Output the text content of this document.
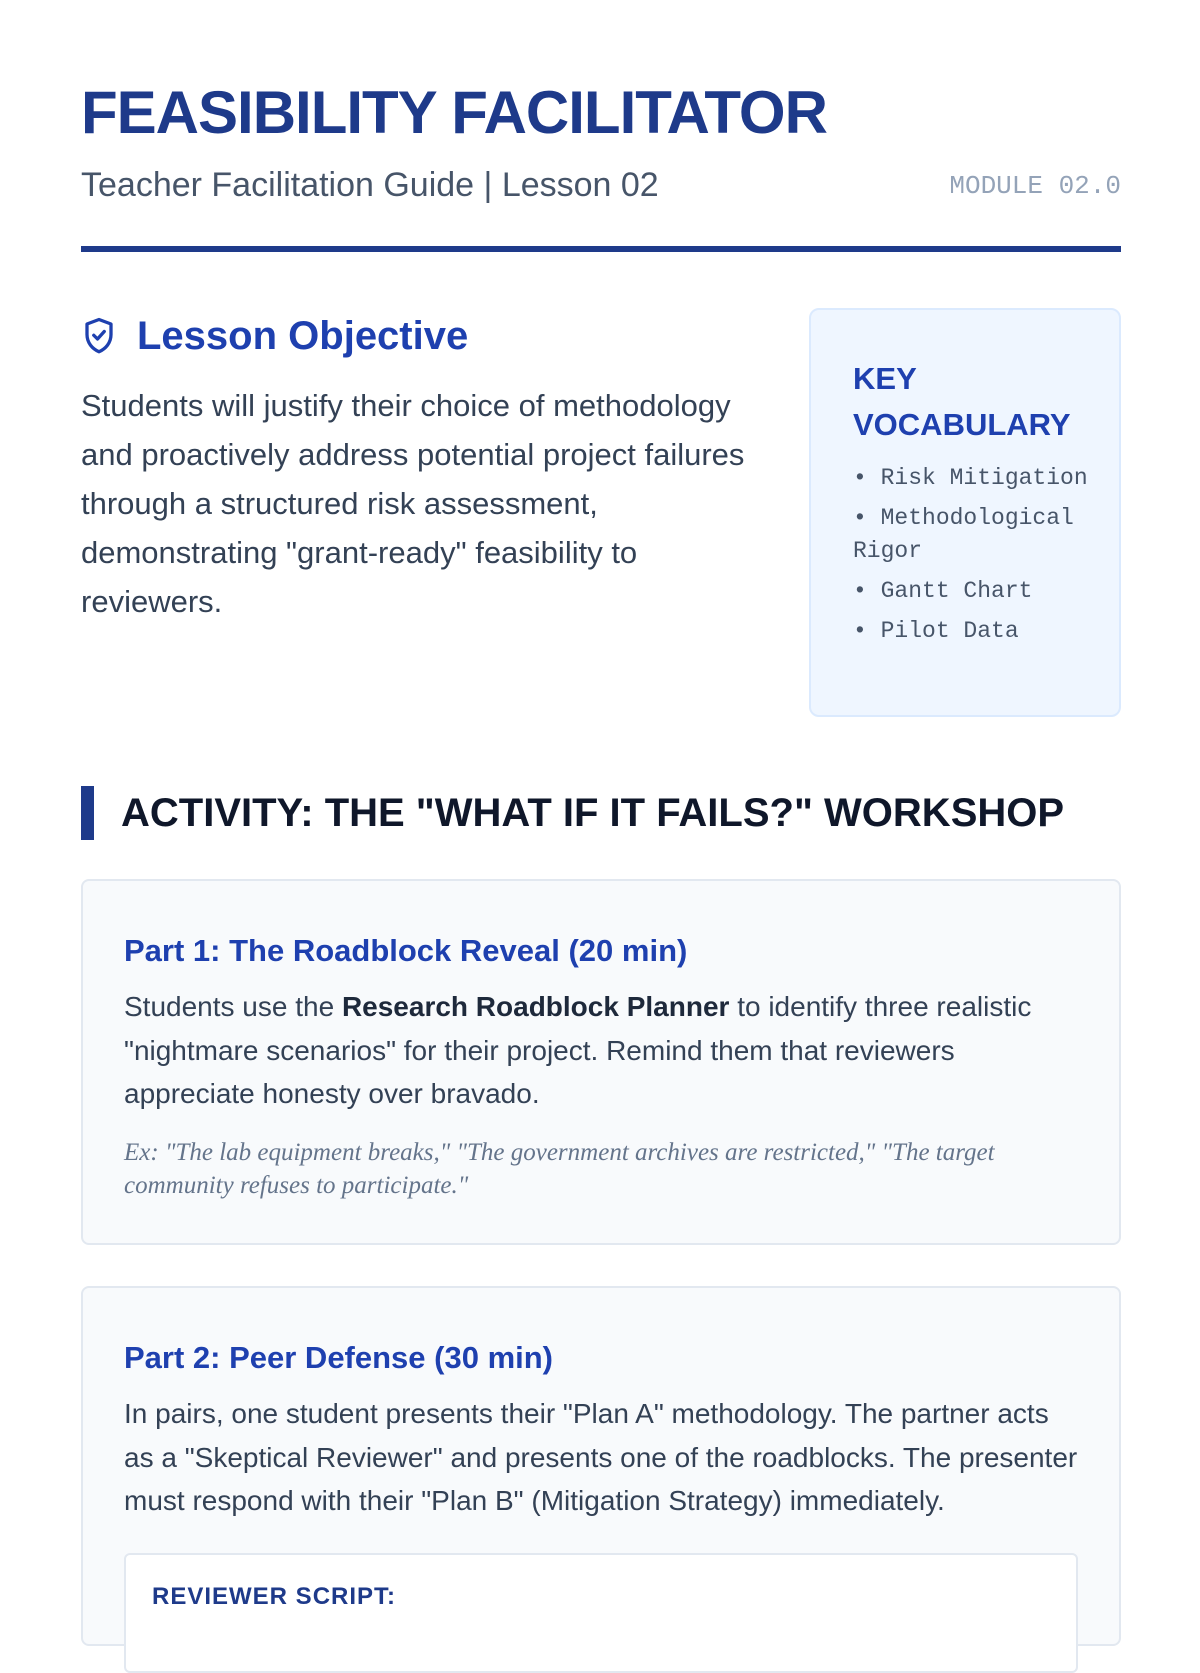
FEASIBILITY FACILITATOR
Teacher Facilitation Guide | Lesson 02	MODULE 02.0
Lesson Objective

Students will justify their choice of methodology and proactively address potential project failures through a structured risk assessment, demonstrating "grant-ready" feasibility to reviewers.

KEY VOCABULARY
• Risk Mitigation
• Methodological Rigor
• Gantt Chart
• Pilot Data
ACTIVITY: THE "WHAT IF IT FAILS?" WORKSHOP
Part 1: The Roadblock Reveal (20 min)

Students use the Research Roadblock Planner to identify three realistic "nightmare scenarios" for their project. Remind them that reviewers appreciate honesty over bravado.

Ex: "The lab equipment breaks," "The government archives are restricted," "The target community refuses to participate."

Part 2: Peer Defense (30 min)

In pairs, one student presents their "Plan A" methodology. The partner acts as a "Skeptical Reviewer" and presents one of the roadblocks. The presenter must respond with their "Plan B" (Mitigation Strategy) immediately.

REVIEWER SCRIPT:
